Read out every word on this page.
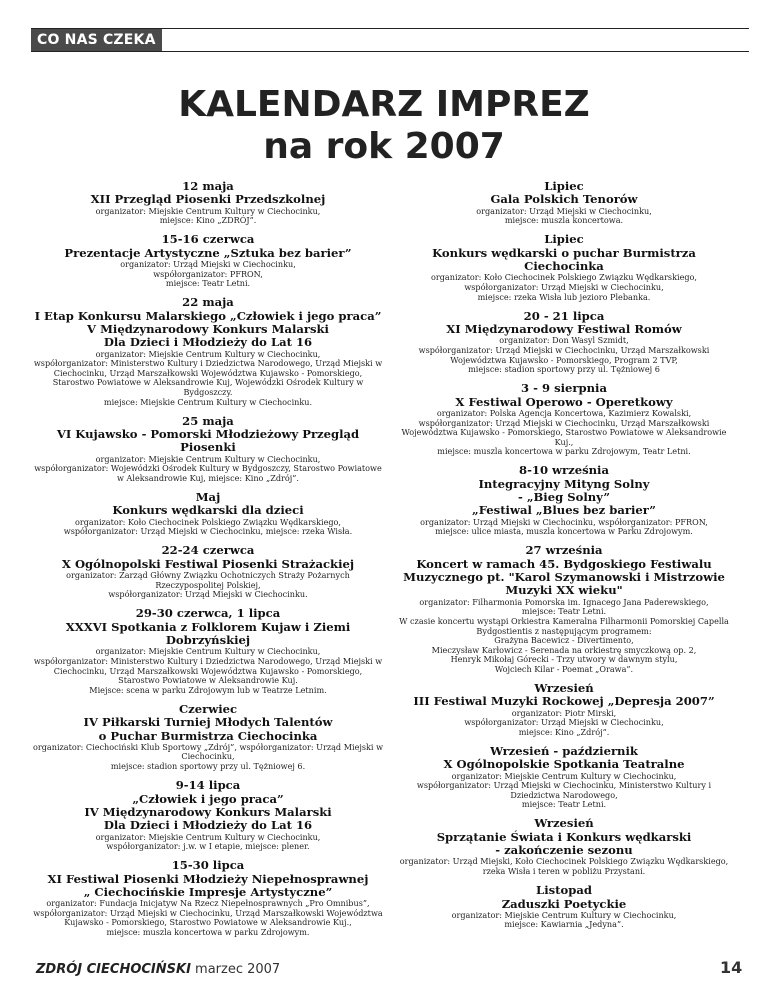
CO NAS CZEKA
KALENDARZ IMPREZ
na rok 2007
12 maja
XII Przegląd Piosenki Przedszkolnej
organizator: Miejskie Centrum Kultury w Ciechocinku,
miejsce: Kino „ZDRÓJ”.
15-16 czerwca
Prezentacje Artystyczne „Sztuka bez barier”
organizator: Urząd Miejski w Ciechocinku,
współorganizator: PFRON,
miejsce: Teatr Letni.
22 maja
I Etap Konkursu Malarskiego „Człowiek i jego praca”
V Międzynarodowy Konkurs Malarski
Dla Dzieci i Młodzieży do Lat 16
organizator: Miejskie Centrum Kultury w Ciechocinku,
współorganizator: Ministerstwo Kultury i Dziedzictwa Narodowego, Urząd Miejski w Ciechocinku, Urząd Marszałkowski Województwa Kujawsko - Pomorskiego, Starostwo Powiatowe w Aleksandrowie Kuj, Wojewódzki Ośrodek Kultury w Bydgoszczy.
miejsce: Miejskie Centrum Kultury w Ciechocinku.
25 maja
VI Kujawsko - Pomorski Młodzieżowy Przegląd Piosenki
organizator: Miejskie Centrum Kultury w Ciechocinku,
współorganizator: Wojewódzki Ośrodek Kultury w Bydgoszczy, Starostwo Powiatowe w Aleksandrowie Kuj, miejsce: Kino „Zdrój”.
Maj
Konkurs wędkarski dla dzieci
organizator: Koło Ciechocinek Polskiego Związku Wędkarskiego,
współorganizator: Urząd Miejski w Ciechocinku, miejsce: rzeka Wisła.
22-24 czerwca
X Ogólnopolski Festiwal Piosenki Strażackiej
organizator: Zarząd Główny Związku Ochotniczych Straży Pożarnych Rzeczypospolitej Polskiej,
współorganizator: Urząd Miejski w Ciechocinku.
29-30 czerwca, 1 lipca
XXXVI Spotkania z Folklorem Kujaw i Ziemi Dobrzyńskiej
organizator: Miejskie Centrum Kultury w Ciechocinku,
współorganizator: Ministerstwo Kultury i Dziedzictwa Narodowego, Urząd Miejski w Ciechocinku, Urząd Marszałkowski Województwa Kujawsko - Pomorskiego, Starostwo Powiatowe w Aleksandrowie Kuj.
Miejsce: scena w parku Zdrojowym lub w Teatrze Letnim.
Czerwiec
IV Piłkarski Turniej Młodych Talentów
o Puchar Burmistrza Ciechocinka
organizator: Ciechociński Klub Sportowy „Zdrój”, współorganizator: Urząd Miejski w Ciechocinku,
miejsce: stadion sportowy przy ul. Tężniowej 6.
9-14 lipca
„Człowiek i jego praca”
IV Międzynarodowy Konkurs Malarski
Dla Dzieci i Młodzieży do Lat 16
organizator: Miejskie Centrum Kultury w Ciechocinku,
współorganizator: j.w. w I etapie, miejsce: plener.
15-30 lipca
XI Festiwal Piosenki Młodzieży Niepełnosprawnej
„ Ciechocińskie Impresje Artystyczne”
organizator: Fundacja Inicjatyw Na Rzecz Niepełnosprawnych „Pro Omnibus”, współorganizator: Urząd Miejski w Ciechocinku, Urząd Marszałkowski Województwa Kujawsko - Pomorskiego, Starostwo Powiatowe w Aleksandrowie Kuj.,
miejsce: muszla koncertowa w parku Zdrojowym.
Lipiec
Gala Polskich Tenorów
organizator: Urząd Miejski w Ciechocinku,
miejsce: muszla koncertowa.
Lipiec
Konkurs wędkarski o puchar Burmistrza Ciechocinka
organizator: Koło Ciechocinek Polskiego Związku Wędkarskiego,
współorganizator: Urząd Miejski w Ciechocinku,
miejsce: rzeka Wisła lub jezioro Plebanka.
20 - 21 lipca
XI Międzynarodowy Festiwal Romów
organizator: Don Wasyl Szmidt,
współorganizator: Urząd Miejski w Ciechocinku, Urząd Marszałkowski Województwa Kujawsko - Pomorskiego, Program 2 TVP,
miejsce: stadion sportowy przy ul. Tężniowej 6
3 - 9 sierpnia
X Festiwal Operowo - Operetkowy
organizator: Polska Agencja Koncertowa, Kazimierz Kowalski,
współorganizator: Urząd Miejski w Ciechocinku, Urząd Marszałkowski Województwa Kujawsko - Pomorskiego, Starostwo Powiatowe w Aleksandrowie Kuj.,
miejsce: muszla koncertowa w parku Zdrojowym, Teatr Letni.
8-10 września
Integracyjny Mityng Solny
- „Bieg Solny”
„Festiwal „Blues bez barier”
organizator: Urząd Miejski w Ciechocinku, współorganizator: PFRON,
miejsce: ulice miasta, muszla koncertowa w Parku Zdrojowym.
27 września
Koncert w ramach 45. Bydgoskiego Festiwalu Muzycznego pt. "Karol Szymanowski i Mistrzowie Muzyki XX wieku"
organizator: Filharmonia Pomorska im. Ignacego Jana Paderewskiego,
miejsce: Teatr Letni.
W czasie koncertu wystąpi Orkiestra Kameralna Filharmonii Pomorskiej Capella Bydgostientis z następującym programem:
Grażyna Bacewicz - Divertimento,
Mieczysław Karłowicz - Serenada na orkiestrę smyczkową op. 2,
Henryk Mikołaj Górecki - Trzy utwory w dawnym stylu,
Wojciech Kilar - Poemat „Orawa”.
Wrzesień
III Festiwal Muzyki Rockowej „Depresja 2007”
organizator: Piotr Mirski,
współorganizator: Urząd Miejski w Ciechocinku,
miejsce: Kino „Zdrój”.
Wrzesień - październik
X Ogólnopolskie Spotkania Teatralne
organizator: Miejskie Centrum Kultury w Ciechocinku,
współorganizator: Urząd Miejski w Ciechocinku, Ministerstwo Kultury i Dziedzictwa Narodowego,
miejsce: Teatr Letni.
Wrzesień
Sprzątanie Świata i Konkurs wędkarski
- zakończenie sezonu
organizator: Urząd Miejski, Koło Ciechocinek Polskiego Związku Wędkarskiego, rzeka Wisła i teren w pobliżu Przystani.
Listopad
Zaduszki Poetyckie
organizator: Miejskie Centrum Kultury w Ciechocinku,
miejsce: Kawiarnia „Jedyna”.
ZDRÓJ CIECHOCIŃSKI marzec 2007	14
